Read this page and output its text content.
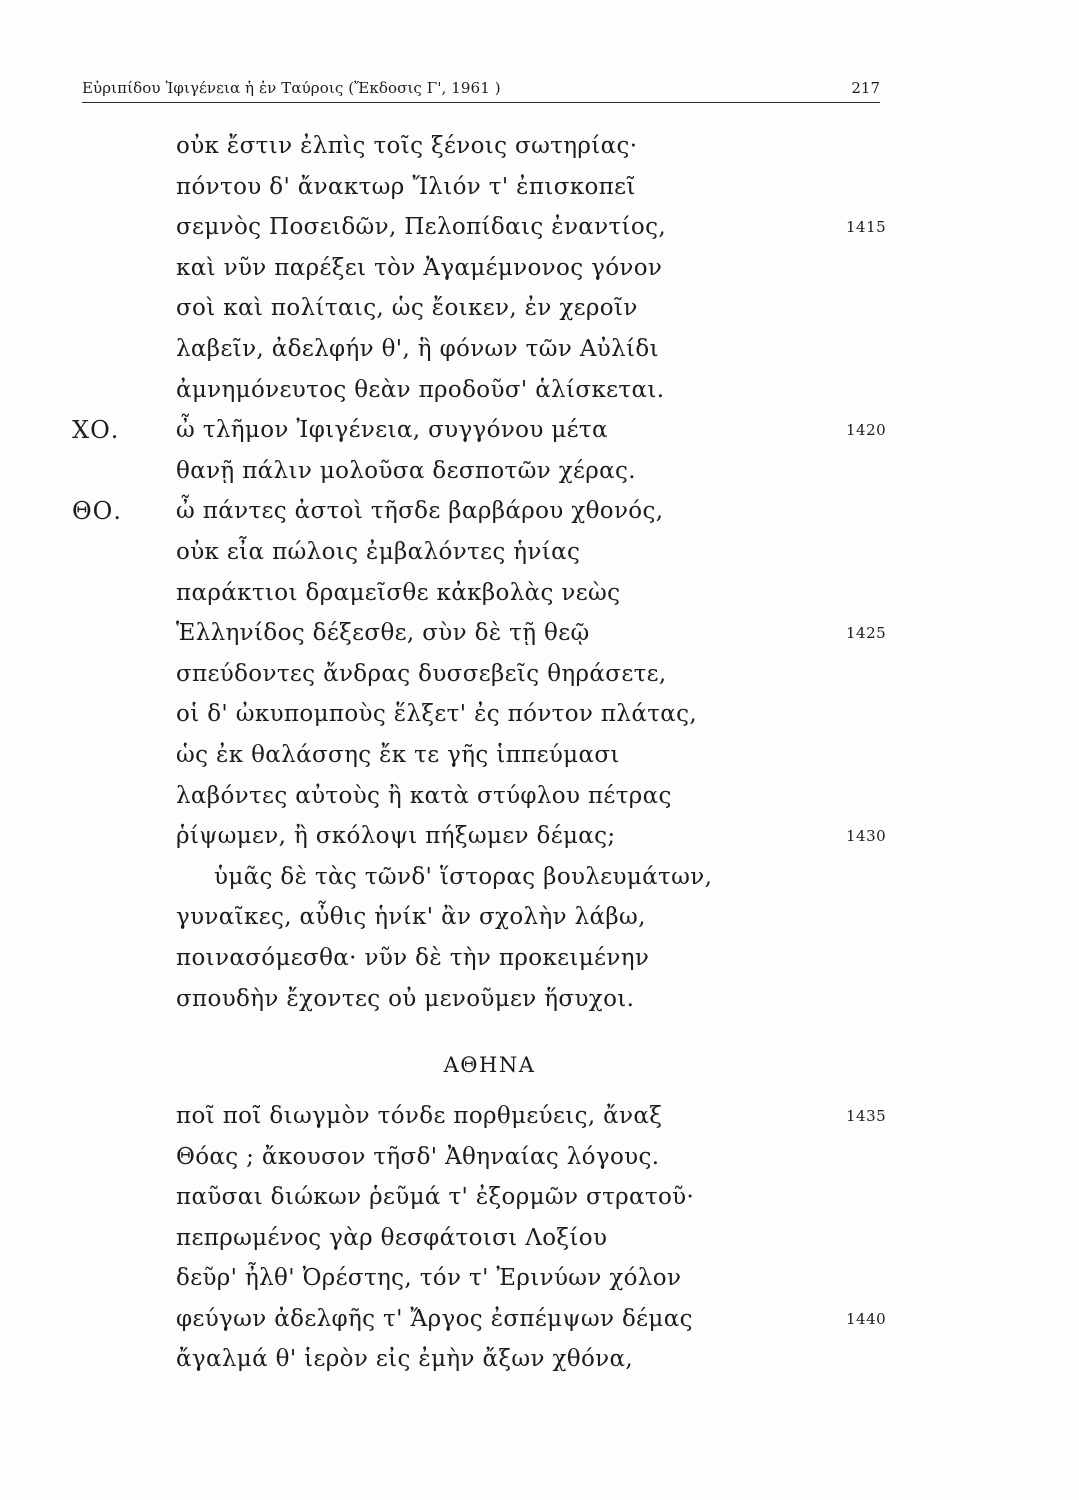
Εὐριπίδου Ἰφιγένεια ἡ ἐν Ταύροις (Ἔκδοσις Γ', 1961 )	217
οὐκ ἔστιν ἐλπὶς τοῖς ξένοις σωτηρίας·
πόντου δ' ἄνακτωρ Ἴλιόν τ' ἐπισκοπεῖ
σεμνὸς Ποσειδῶν, Πελοπίδαις ἐναντίος,	1415
καὶ νῦν παρέξει τὸν Ἀγαμέμνονος γόνον
σοὶ καὶ πολίταις, ὡς ἔοικεν, ἐν χεροῖν
λαβεῖν, ἀδελφήν θ', ἣ φόνων τῶν Αὐλίδι
ἀμνημόνευτος θεὰν προδοῦσ' ἁλίσκεται.
ΧΟ. ὦ τλῆμον Ἰφιγένεια, συγγόνου μέτα	1420
θανῇ πάλιν μολοῦσα δεσποτῶν χέρας.
ΘΟ. ὦ πάντες ἀστοὶ τῆσδε βαρβάρου χθονός,
οὐκ εἶα πώλοις ἐμβαλόντες ἡνίας
παράκτιοι δραμεῖσθε κἀκβολὰς νεὼς
Ἑλληνίδος δέξεσθε, σὺν δὲ τῇ θεῷ	1425
σπεύδοντες ἄνδρας δυσσεβεῖς θηράσετε,
οἱ δ' ὠκυπομποὺς ἕλξετ' ἐς πόντον πλάτας,
ὡς ἐκ θαλάσσης ἔκ τε γῆς ἱππεύμασι
λαβόντες αὐτοὺς ἢ κατὰ στύφλου πέτρας
ῥίψωμεν, ἢ σκόλοψι πήξωμεν δέμας;	1430
ὑμᾶς δὲ τὰς τῶνδ' ἵστορας βουλευμάτων,
γυναῖκες, αὖθις ἡνίκ' ἂν σχολὴν λάβω,
ποινασόμεσθα· νῦν δὲ τὴν προκειμένην
σπουδὴν ἔχοντες οὐ μενοῦμεν ἥσυχοι.
ΑΘΗΝΑ
ποῖ ποῖ διωγμὸν τόνδε πορθμεύεις, ἄναξ	1435
Θόας ; ἄκουσον τῆσδ' Ἀθηναίας λόγους.
παῦσαι διώκων ῥεῦμά τ' ἐξορμῶν στρατοῦ·
πεπρωμένος γὰρ θεσφάτοισι Λοξίου
δεῦρ' ἦλθ' Ὀρέστης, τόν τ' Ἐρινύων χόλον
φεύγων ἀδελφῆς τ' Ἄργος ἐσπέμψων δέμας	1440
ἄγαλμά θ' ἱερὸν εἰς ἐμὴν ἄξων χθόνα,
